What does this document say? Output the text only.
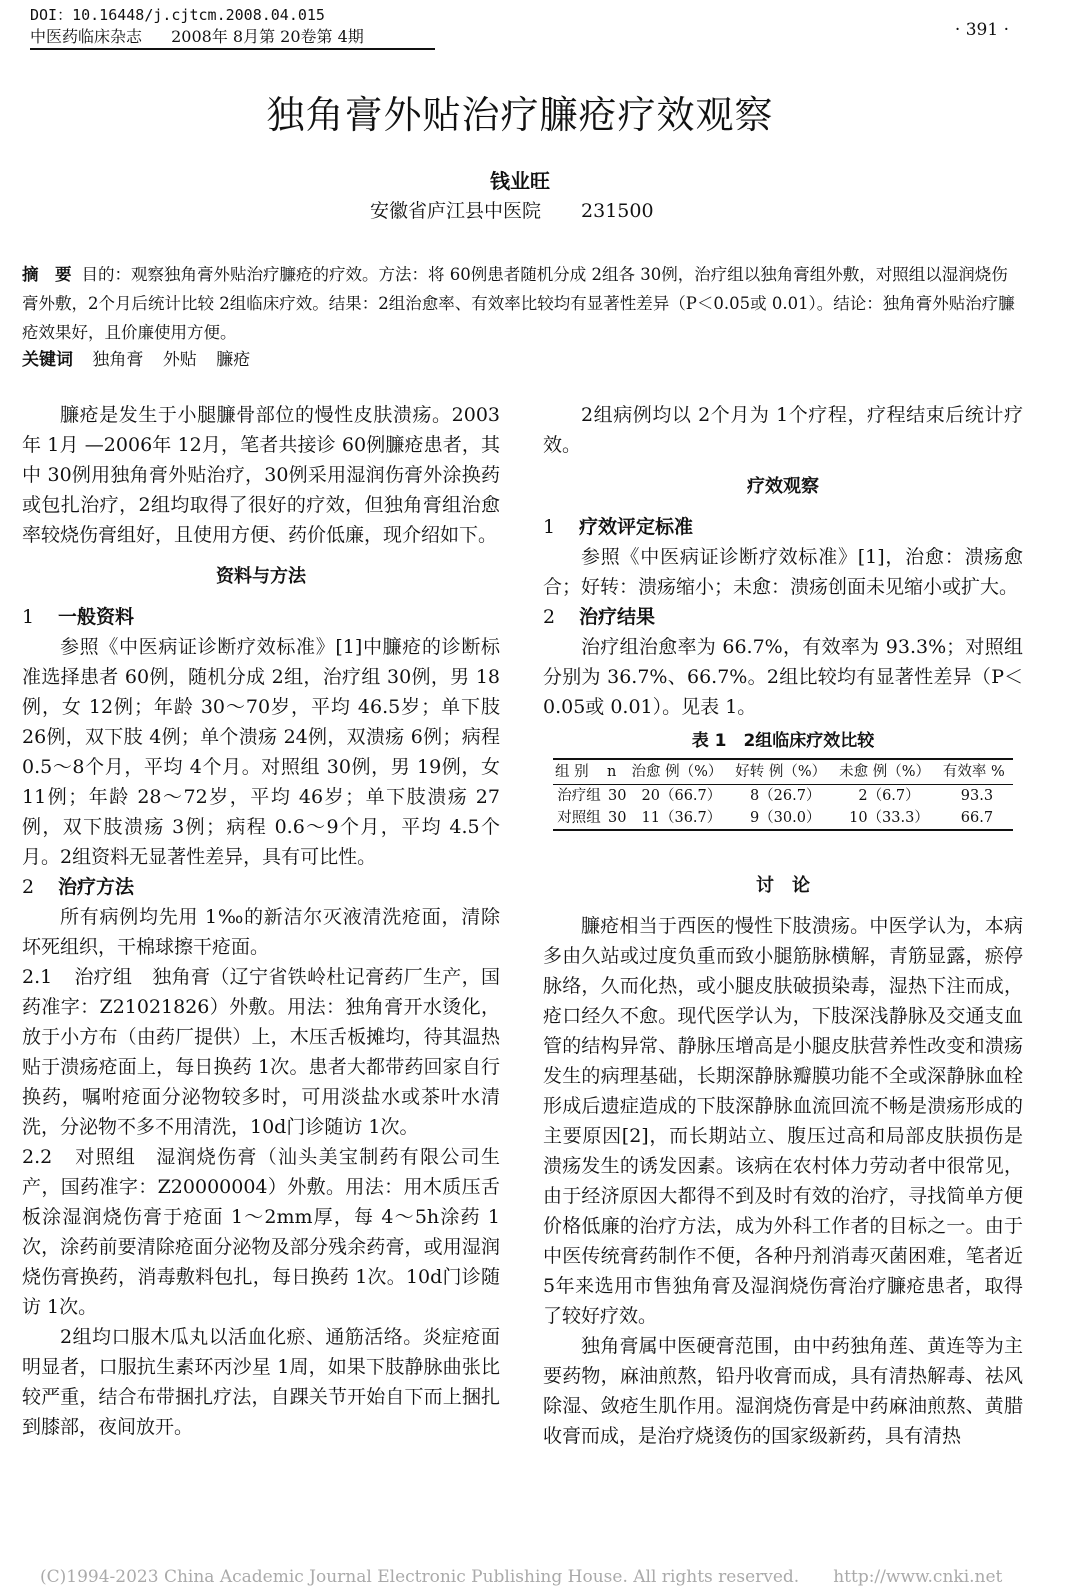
DOI：10.16448/j.cjtcm.2008.04.015
中医药临床杂志 2008年 8月第 20卷第 4期	· 391 ·
独角膏外贴治疗臁疮疗效观察
钱业旺
安徽省庐江县中医院 231500
摘　要 目的：观察独角膏外贴治疗臁疮的疗效。方法：将 60例患者随机分成 2组各 30例，治疗组以独角膏组外敷，对照组以湿润烧伤膏外敷，2个月后统计比较 2组临床疗效。结果：2组治愈率、有效率比较均有显著性差异（P＜0.05或 0.01）。结论：独角膏外贴治疗臁疮效果好，且价廉使用方便。
关键词 独角膏 外贴 臁疮

臁疮是发生于小腿臁骨部位的慢性皮肤溃疡。2003年 1月 —2006年 12月，笔者共接诊 60例臁疮患者，其中 30例用独角膏外贴治疗，30例采用湿润伤膏外涂换药或包扎治疗，2组均取得了很好的疗效，但独角膏组治愈率较烧伤膏组好，且使用方便、药价低廉，现介绍如下。

资料与方法
1 一般资料

参照《中医病证诊断疗效标准》[1]中臁疮的诊断标准选择患者 60例，随机分成 2组，治疗组 30例，男 18例，女 12例；年龄 30～70岁，平均 46.5岁；单下肢 26例，双下肢 4例；单个溃疡 24例，双溃疡 6例；病程 0.5～8个月，平均 4个月。对照组 30例，男 19例，女 11例；年龄 28～72岁，平均 46岁；单下肢溃疡 27例，双下肢溃疡 3例；病程 0.6～9个月，平均 4.5个月。2组资料无显著性差异，具有可比性。

2 治疗方法

所有病例均先用 1‰的新洁尔灭液清洗疮面，清除坏死组织，干棉球擦干疮面。

2.1 治疗组 独角膏（辽宁省铁岭杜记膏药厂生产，国药准字：Z21021826）外敷。用法：独角膏开水烫化，放于小方布（由药厂提供）上，木压舌板摊均，待其温热贴于溃疡疮面上，每日换药 1次。患者大都带药回家自行换药，嘱咐疮面分泌物较多时，可用淡盐水或茶叶水清洗，分泌物不多不用清洗，10d门诊随访 1次。

2.2 对照组 湿润烧伤膏（汕头美宝制药有限公司生产，国药准字：Z20000004）外敷。用法：用木质压舌板涂湿润烧伤膏于疮面 1～2mm厚，每 4～5h涂药 1次，涂药前要清除疮面分泌物及部分残余药膏，或用湿润烧伤膏换药，消毒敷料包扎，每日换药 1次。10d门诊随访 1次。

2组均口服木瓜丸以活血化瘀、通筋活络。炎症疮面明显者，口服抗生素环丙沙星 1周，如果下肢静脉曲张比较严重，结合布带捆扎疗法，自踝关节开始自下而上捆扎到膝部，夜间放开。

2组病例均以 2个月为 1个疗程，疗程结束后统计疗效。

疗效观察
1 疗效评定标准

参照《中医病证诊断疗效标准》[1]，治愈：溃疡愈合；好转：溃疡缩小；未愈：溃疡创面未见缩小或扩大。

2 治疗结果

治疗组治愈率为 66.7%，有效率为 93.3%；对照组分别为 36.7%、66.7%。2组比较均有显著性差异（P＜0.05或 0.01）。见表 1。

表 1　2组临床疗效比较
组 别	n	治愈 例（%）	好转 例（%）	未愈 例（%）	有效率 %
治疗组	30	20（66.7）	8（26.7）	2（6.7）	93.3
对照组	30	11（36.7）	9（30.0）	10（33.3）	66.7
讨　论

臁疮相当于西医的慢性下肢溃疡。中医学认为，本病多由久站或过度负重而致小腿筋脉横解，青筋显露，瘀停脉络，久而化热，或小腿皮肤破损染毒，湿热下注而成，疮口经久不愈。现代医学认为，下肢深浅静脉及交通支血管的结构异常、静脉压增高是小腿皮肤营养性改变和溃疡发生的病理基础，长期深静脉瓣膜功能不全或深静脉血栓形成后遗症造成的下肢深静脉血流回流不畅是溃疡形成的主要原因[2]，而长期站立、腹压过高和局部皮肤损伤是溃疡发生的诱发因素。该病在农村体力劳动者中很常见，由于经济原因大都得不到及时有效的治疗，寻找简单方便价格低廉的治疗方法，成为外科工作者的目标之一。由于中医传统膏药制作不便，各种丹剂消毒灭菌困难，笔者近 5年来选用市售独角膏及湿润烧伤膏治疗臁疮患者，取得了较好疗效。

独角膏属中医硬膏范围，由中药独角莲、黄连等为主要药物，麻油煎熬，铅丹收膏而成，具有清热解毒、祛风除湿、敛疮生肌作用。湿润烧伤膏是中药麻油煎熬、黄腊收膏而成，是治疗烧烫伤的国家级新药，具有清热

(C)1994-2023 China Academic Journal Electronic Publishing House. All rights reserved.　　http://www.cnki.net
